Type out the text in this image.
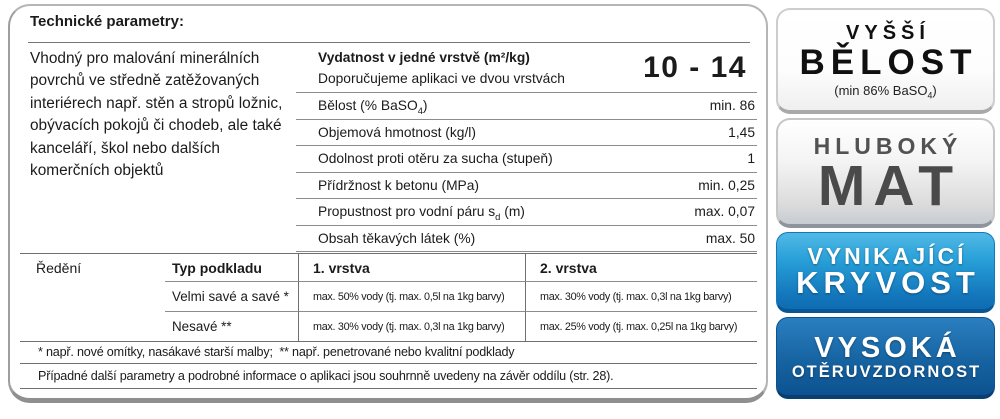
Technické parametry:

Vhodný pro malování minerálních povrchů ve středně zatěžovaných interiérech např. stěn a stropů ložnic, obývacích pokojů či chodeb, ale také kanceláří, škol nebo dalších komerčních objektů

Vydatnost v jedné vrstvě (m²/kg)
Doporučujeme aplikaci ve dvou vrstvách	10 - 14
Bělost (% BaSO$_4$)	min. 86
Objemová hmotnost (kg/l)	1,45
Odolnost proti otěru za sucha (stupeň)	1
Přídržnost k betonu (MPa)	min. 0,25
Propustnost pro vodní páru $s_d$ (m)	max. 0,07
Obsah těkavých látek (%)	max. 50
Ředění	Typ podkladu	1. vrstva	2. vrstva
Velmi savé a savé *	max. 50% vody (tj. max. 0,5l na 1kg barvy)	max. 30% vody (tj. max. 0,3l na 1kg barvy)
Nesavé **	max. 30% vody (tj. max. 0,3l na 1kg barvy)	max. 25% vody (tj. max. 0,25l na 1kg barvy)
* např. nové omítky, nasákavé starší malby;  ** např. penetrované nebo kvalitní podklady
Případné další parametry a podrobné informace o aplikaci jsou souhrnně uvedeny na závěr oddílu (str. 28).
VYŠŠÍ
BĚLOST
(min 86% BaSO$_4$)
HLUBOKÝ
MAT
VYNIKAJÍCÍ
KRYVOST
VYSOKÁ
OTĚRUVZDORNOST
